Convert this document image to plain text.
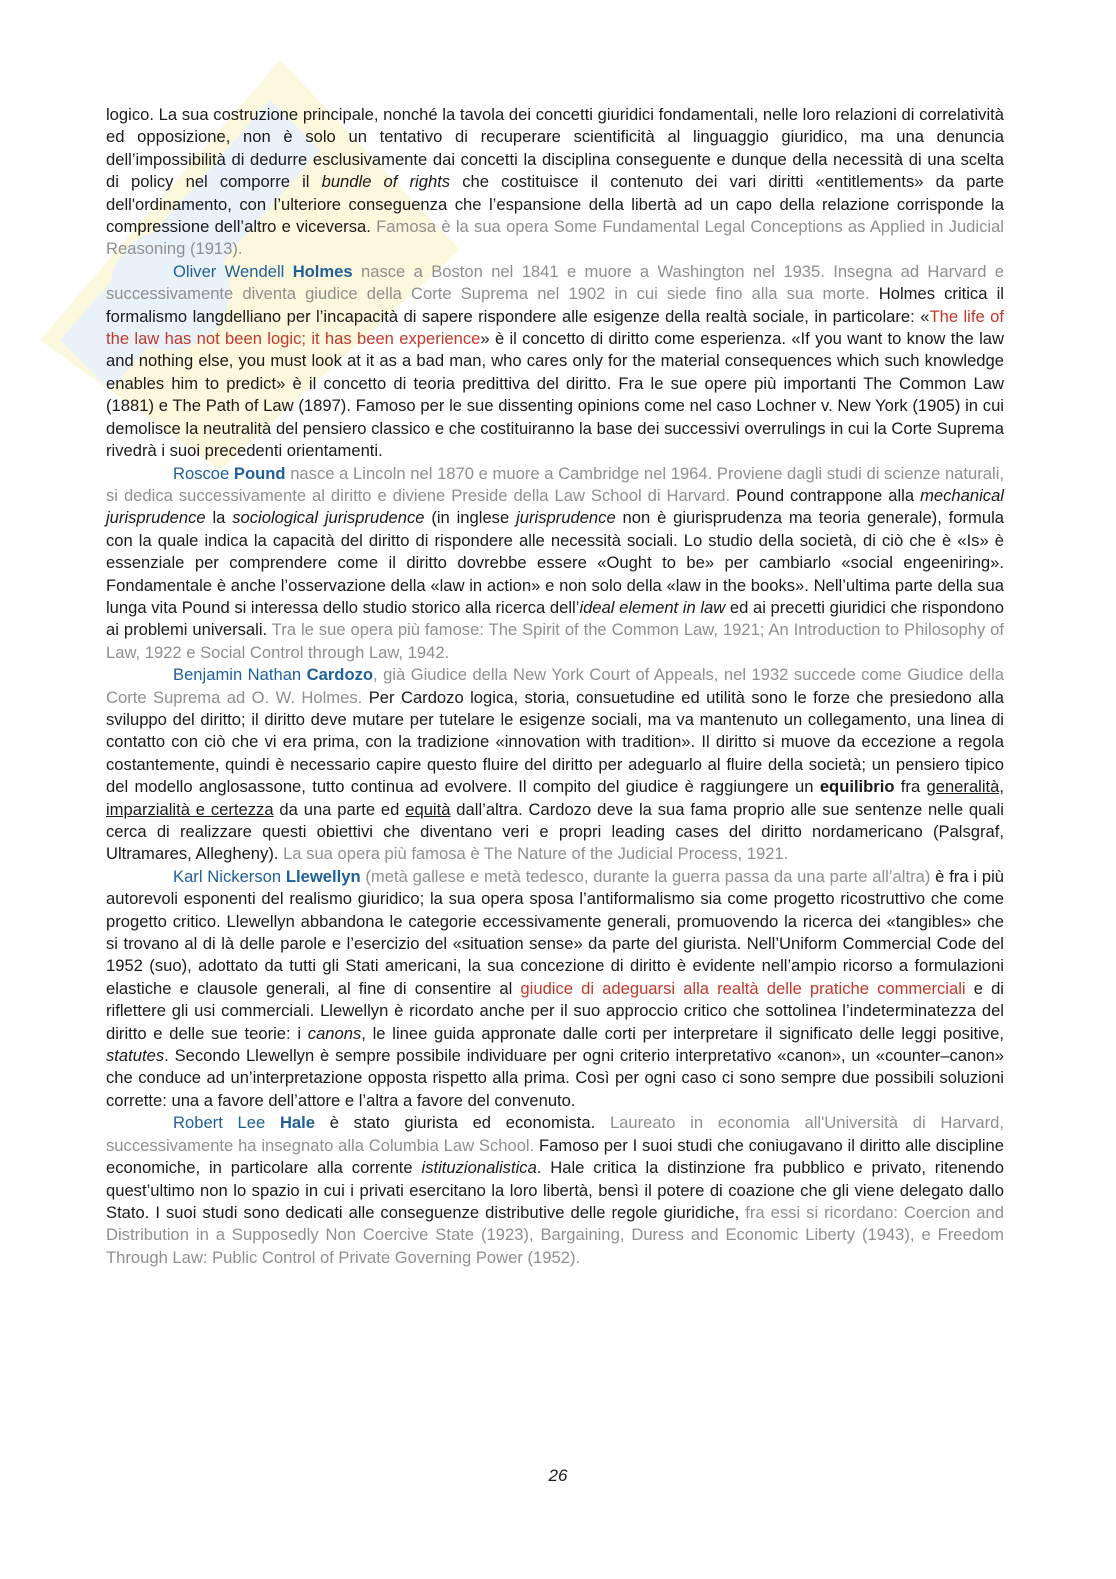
logico. La sua costruzione principale, nonché la tavola dei concetti giuridici fondamentali, nelle loro relazioni di correlatività ed opposizione, non è solo un tentativo di recuperare scientificità al linguaggio giuridico, ma una denuncia dell’impossibilità di dedurre esclusivamente dai concetti la disciplina conseguente e dunque della necessità di una scelta di policy nel comporre il bundle of rights che costituisce il contenuto dei vari diritti «entitlements» da parte dell'ordinamento, con l’ulteriore conseguenza che l’espansione della libertà ad un capo della relazione corrisponde la compressione dell’altro e viceversa. Famosa è la sua opera Some Fundamental Legal Conceptions as Applied in Judicial Reasoning (1913).

Oliver Wendell Holmes nasce a Boston nel 1841 e muore a Washington nel 1935. Insegna ad Harvard e successivamente diventa giudice della Corte Suprema nel 1902 in cui siede fino alla sua morte. Holmes critica il formalismo langdelliano per l’incapacità di sapere rispondere alle esigenze della realtà sociale, in particolare: «The life of the law has not been logic; it has been experience» è il concetto di diritto come esperienza. «If you want to know the law and nothing else, you must look at it as a bad man, who cares only for the material consequences which such knowledge enables him to predict» è il concetto di teoria predittiva del diritto. Fra le sue opere più importanti The Common Law (1881) e The Path of Law (1897). Famoso per le sue dissenting opinions come nel caso Lochner v. New York (1905) in cui demolisce la neutralità del pensiero classico e che costituiranno la base dei successivi overrulings in cui la Corte Suprema rivedrà i suoi precedenti orientamenti.

Roscoe Pound nasce a Lincoln nel 1870 e muore a Cambridge nel 1964. Proviene dagli studi di scienze naturali, si dedica successivamente al diritto e diviene Preside della Law School di Harvard. Pound contrappone alla mechanical jurisprudence la sociological jurisprudence (in inglese jurisprudence non è giurisprudenza ma teoria generale), formula con la quale indica la capacità del diritto di rispondere alle necessità sociali. Lo studio della società, di ciò che è «Is» è essenziale per comprendere come il diritto dovrebbe essere «Ought to be» per cambiarlo «social engeeniring». Fondamentale è anche l’osservazione della «law in action» e non solo della «law in the books». Nell’ultima parte della sua lunga vita Pound si interessa dello studio storico alla ricerca dell’ideal element in law ed ai precetti giuridici che rispondono ai problemi universali. Tra le sue opera più famose: The Spirit of the Common Law, 1921; An Introduction to Philosophy of Law, 1922 e Social Control through Law, 1942.

Benjamin Nathan Cardozo, già Giudice della New York Court of Appeals, nel 1932 succede come Giudice della Corte Suprema ad O. W. Holmes. Per Cardozo logica, storia, consuetudine ed utilità sono le forze che presiedono alla sviluppo del diritto; il diritto deve mutare per tutelare le esigenze sociali, ma va mantenuto un collegamento, una linea di contatto con ciò che vi era prima, con la tradizione «innovation with tradition». Il diritto si muove da eccezione a regola costantemente, quindi è necessario capire questo fluire del diritto per adeguarlo al fluire della società; un pensiero tipico del modello anglosassone, tutto continua ad evolvere. Il compito del giudice è raggiungere un equilibrio fra generalità, imparzialità e certezza da una parte ed equità dall’altra. Cardozo deve la sua fama proprio alle sue sentenze nelle quali cerca di realizzare questi obiettivi che diventano veri e propri leading cases del diritto nordamericano (Palsgraf, Ultramares, Allegheny). La sua opera più famosa è The Nature of the Judicial Process, 1921.

Karl Nickerson Llewellyn (metà gallese e metà tedesco, durante la guerra passa da una parte all’altra) è fra i più autorevoli esponenti del realismo giuridico; la sua opera sposa l’antiformalismo sia come progetto ricostruttivo che come progetto critico. Llewellyn abbandona le categorie eccessivamente generali, promuovendo la ricerca dei «tangibles» che si trovano al di là delle parole e l’esercizio del «situation sense» da parte del giurista. Nell’Uniform Commercial Code del 1952 (suo), adottato da tutti gli Stati americani, la sua concezione di diritto è evidente nell’ampio ricorso a formulazioni elastiche e clausole generali, al fine di consentire al giudice di adeguarsi alla realtà delle pratiche commerciali e di riflettere gli usi commerciali. Llewellyn è ricordato anche per il suo approccio critico che sottolinea l’indeterminatezza del diritto e delle sue teorie: i canons, le linee guida appronate dalle corti per interpretare il significato delle leggi positive, statutes. Secondo Llewellyn è sempre possibile individuare per ogni criterio interpretativo «canon», un «counter–canon» che conduce ad un’interpretazione opposta rispetto alla prima. Così per ogni caso ci sono sempre due possibili soluzioni corrette: una a favore dell’attore e l’altra a favore del convenuto.

Robert Lee Hale è stato giurista ed economista. Laureato in economia all'Università di Harvard, successivamente ha insegnato alla Columbia Law School. Famoso per I suoi studi che coniugavano il diritto alle discipline economiche, in particolare alla corrente istituzionalistica. Hale critica la distinzione fra pubblico e privato, ritenendo quest’ultimo non lo spazio in cui i privati esercitano la loro libertà, bensì il potere di coazione che gli viene delegato dallo Stato. I suoi studi sono dedicati alle conseguenze distributive delle regole giuridiche, fra essi si ricordano: Coercion and Distribution in a Supposedly Non Coercive State (1923), Bargaining, Duress and Economic Liberty (1943), e Freedom Through Law: Public Control of Private Governing Power (1952).

26
